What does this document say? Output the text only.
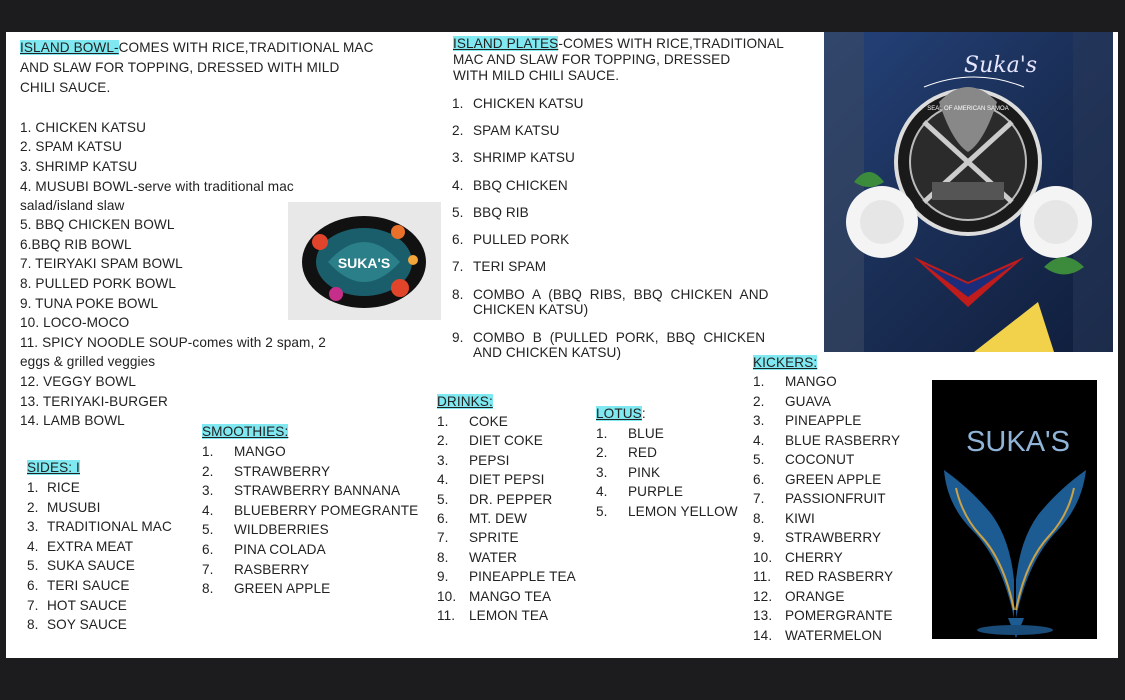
ISLAND BOWL-COMES WITH RICE,TRADITIONAL MAC
AND SLAW FOR TOPPING, DRESSED WITH MILD
CHILI SAUCE.
1. CHICKEN KATSU
2. SPAM KATSU
3. SHRIMP KATSU
4. MUSUBI BOWL-serve with traditional mac
salad/island slaw
5. BBQ CHICKEN BOWL
6.BBQ RIB BOWL
7. TEIRYAKI SPAM BOWL
8. PULLED PORK BOWL
9. TUNA POKE BOWL
10. LOCO-MOCO
11. SPICY NOODLE SOUP-comes with 2 spam, 2
eggs & grilled veggies
12. VEGGY BOWL
13. TERIYAKI-BURGER
14. LAMB BOWL
SUKA'S
ISLAND PLATES-COMES WITH RICE,TRADITIONAL
MAC AND SLAW FOR TOPPING, DRESSED
WITH MILD CHILI SAUCE.
1. CHICKEN KATSU
2. SPAM KATSU
3. SHRIMP KATSU
4. BBQ CHICKEN
5. BBQ RIB
6. PULLED PORK
7. TERI SPAM
8. COMBO A (BBQ RIBS, BBQ CHICKEN AND
CHICKEN KATSU)
9. COMBO B (PULLED PORK, BBQ CHICKEN
AND CHICKEN KATSU)
Suka's
SEAL OF AMERICAN SAMOA
KICKERS:
1. MANGO
2. GUAVA
3. PINEAPPLE
4. BLUE RASBERRY
5. COCONUT
6. GREEN APPLE
7. PASSIONFRUIT
8. KIWI
9. STRAWBERRY
10. CHERRY
11. RED RASBERRY
12. ORANGE
13. POMERGRANTE
14. WATERMELON
SUKA'S
SIDES: I
1. RICE
2. MUSUBI
3. TRADITIONAL MAC
4. EXTRA MEAT
5. SUKA SAUCE
6. TERI SAUCE
7. HOT SAUCE
8. SOY SAUCE
SMOOTHIES:
1. MANGO
2. STRAWBERRY
3. STRAWBERRY BANNANA
4. BLUEBERRY POMEGRANTE
5. WILDBERRIES
6. PINA COLADA
7. RASBERRY
8. GREEN APPLE
DRINKS:
1. COKE
2. DIET COKE
3. PEPSI
4. DIET PEPSI
5. DR. PEPPER
6. MT. DEW
7. SPRITE
8. WATER
9. PINEAPPLE TEA
10. MANGO TEA
11. LEMON TEA
LOTUS:
1. BLUE
2. RED
3. PINK
4. PURPLE
5. LEMON YELLOW
